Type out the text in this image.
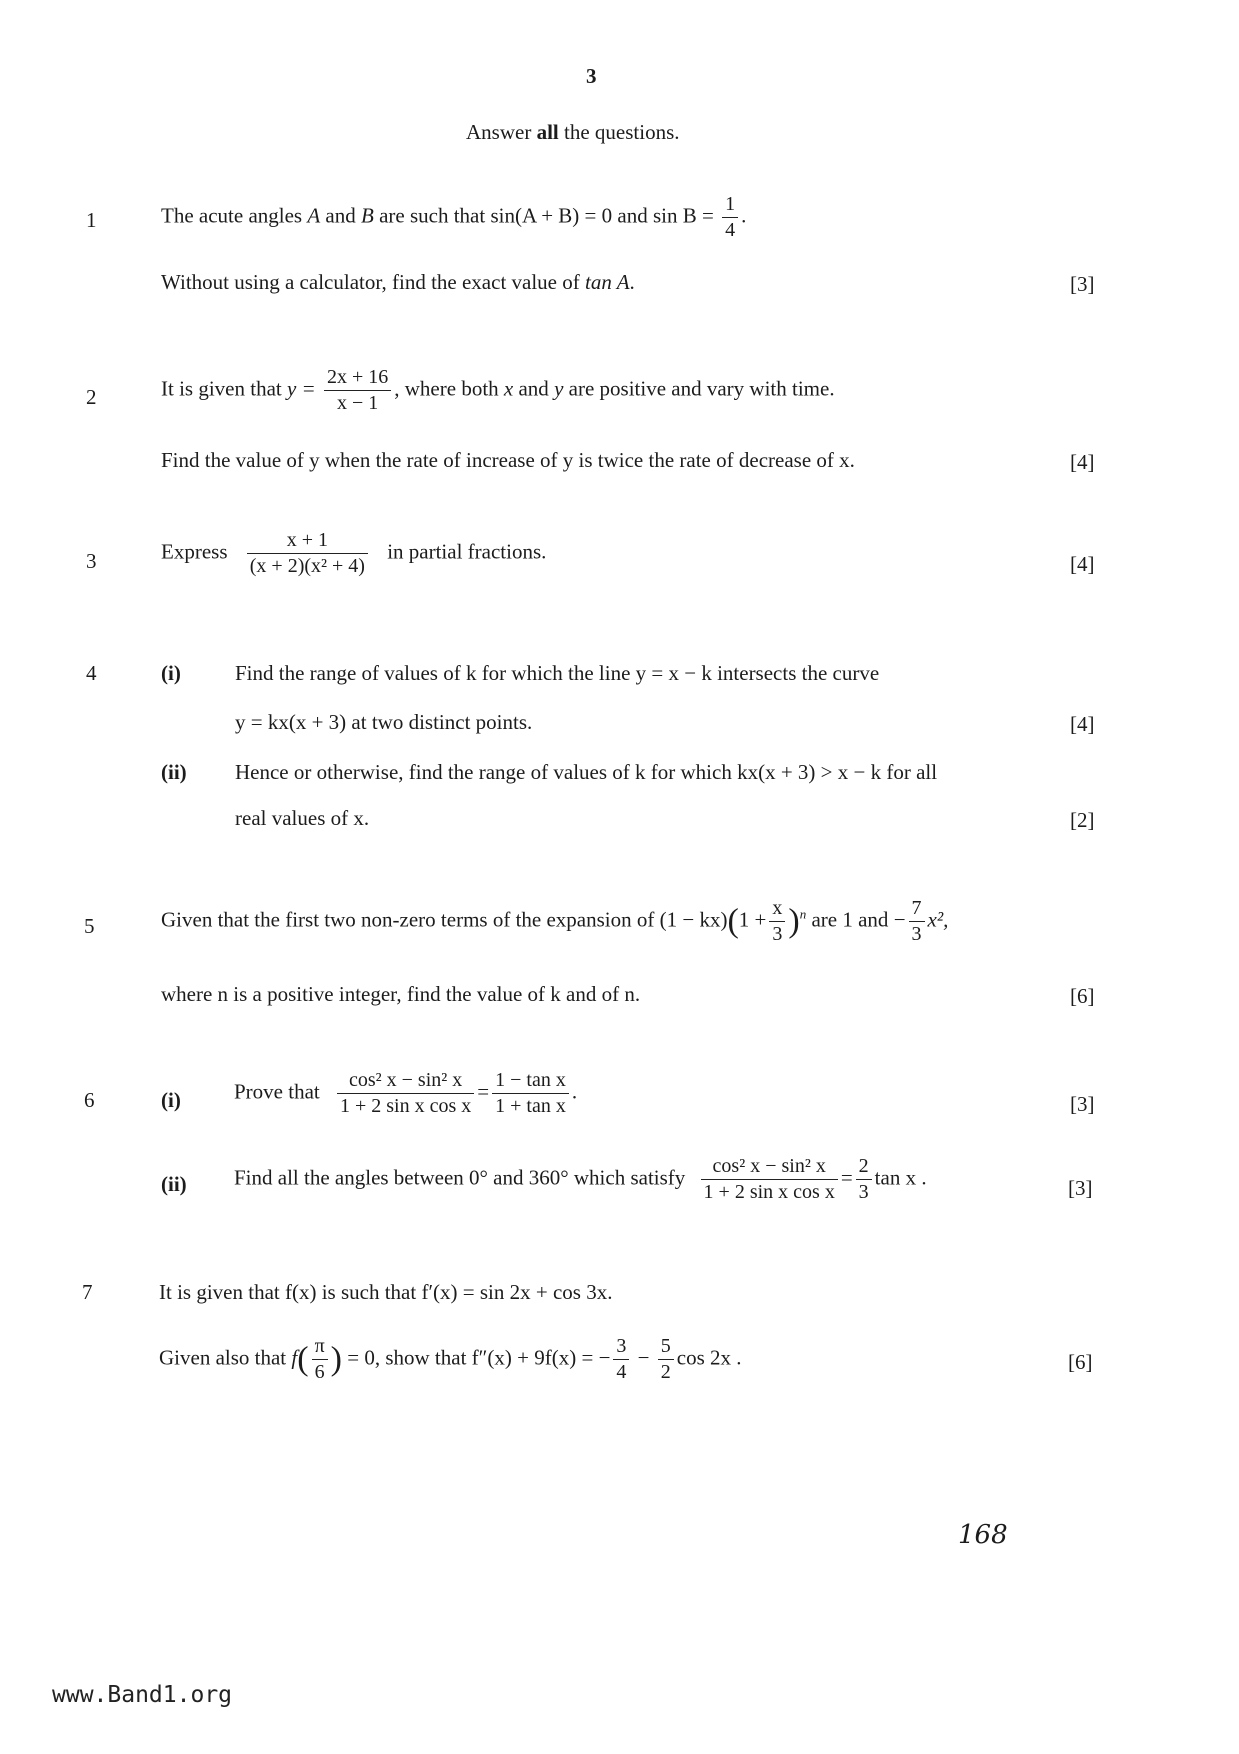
3
Answer all the questions.
1	The acute angles A and B are such that sin(A + B) = 0 and $\sin B = \frac{1}{4}$ .
Without using a calculator, find the exact value of tan A.	[3]
2	It is given that $y = \frac{2x + 16}{x - 1}$ , where both x and y are positive and vary with time.
Find the value of y when the rate of increase of y is twice the rate of decrease of x.	[4]
3	Express $\frac{x + 1}{\text{(x + 2)(x² + 4)}}$ in partial fractions.
[4]
4	(i)	Find the range of values of k for which the line y = x − k intersects the curve
y = kx(x + 3) at two distinct points.	[4]
(ii) Hence or otherwise, find the range of values of k for which kx(x + 3) > x − k for all
real values of x.	[2]
5	Given that the first two non-zero terms of the expansion of $(1 - kx)(1 + \frac{x}{3} )^n$ are 1 and − $\frac{7}{3} x^2$,
where n is a positive integer, find the value of k and of n.	[6]
6	(i)	Prove that $\frac{\text{cos² x − sin² x}}{\text{1 + 2 sin x cos x}} = \frac{\text{1 − tan x}}{\text{1 + tan x}}$ .
[3]
(ii) Find all the angles between 0° and 360° which satisfy $\frac{\text{cos² x − sin² x}}{\text{1 + 2 sin x cos x}} = \frac{2}{3}$ tan x .	[3]
7	It is given that f(x) is such that f′(x) = sin 2x + cos 3x.
Given also that $f( \frac{\pi}{6}$ ) = 0, show that f″(x) + 9f(x) = − $\frac{3}{4} - \frac{5}{2}$ cos 2x .	[6]
168
www.Band1.org
